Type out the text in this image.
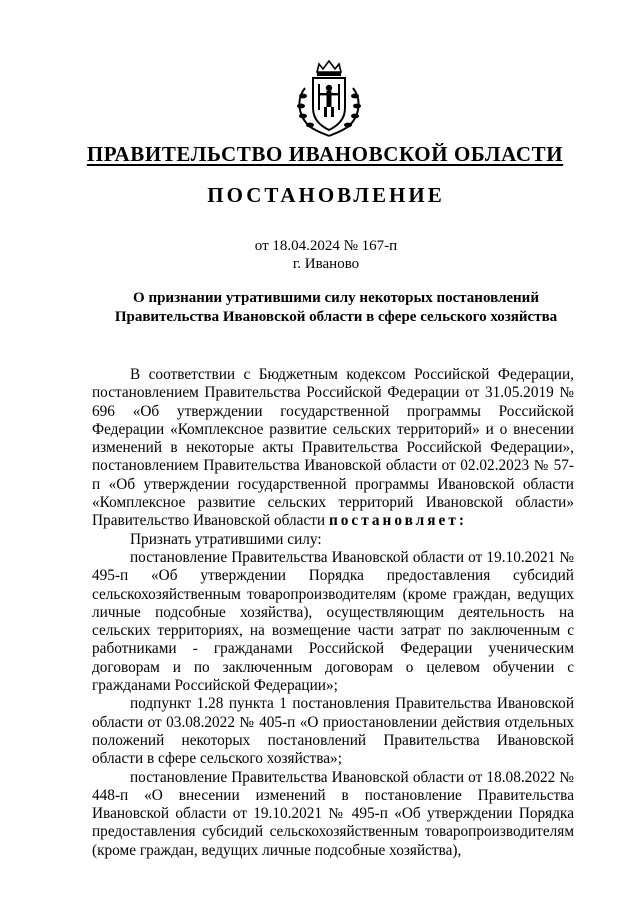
ПРАВИТЕЛЬСТВО ИВАНОВСКОЙ ОБЛАСТИ
ПОСТАНОВЛЕНИЕ
от 18.04.2024 № 167-п
г. Иваново
О признании утратившими силу некоторых постановлений
Правительства Ивановской области в сфере сельского хозяйства

В соответствии с Бюджетным кодексом Российской Федерации, постановлением Правительства Российской Федерации от 31.05.2019 № 696 «Об утверждении государственной программы Российской Федерации «Комплексное развитие сельских территорий» и о внесении изменений в некоторые акты Правительства Российской Федерации», постановлением Правительства Ивановской области от 02.02.2023 № 57-п «Об утверждении государственной программы Ивановской области «Комплексное развитие сельских территорий Ивановской области» Правительство Ивановской области постановляет:

Признать утратившими силу:

постановление Правительства Ивановской области от 19.10.2021 № 495-п «Об утверждении Порядка предоставления субсидий сельскохозяйственным товаропроизводителям (кроме граждан, ведущих личные подсобные хозяйства), осуществляющим деятельность на сельских территориях, на возмещение части затрат по заключенным с работниками - гражданами Российской Федерации ученическим договорам и по заключенным договорам о целевом обучении с гражданами Российской Федерации»;

подпункт 1.28 пункта 1 постановления Правительства Ивановской области от 03.08.2022 № 405-п «О приостановлении действия отдельных положений некоторых постановлений Правительства Ивановской области в сфере сельского хозяйства»;

постановление Правительства Ивановской области от 18.08.2022 № 448-п «О внесении изменений в постановление Правительства Ивановской области от 19.10.2021 № 495-п «Об утверждении Порядка предоставления субсидий сельскохозяйственным товаропроизводителям (кроме граждан, ведущих личные подсобные хозяйства),
